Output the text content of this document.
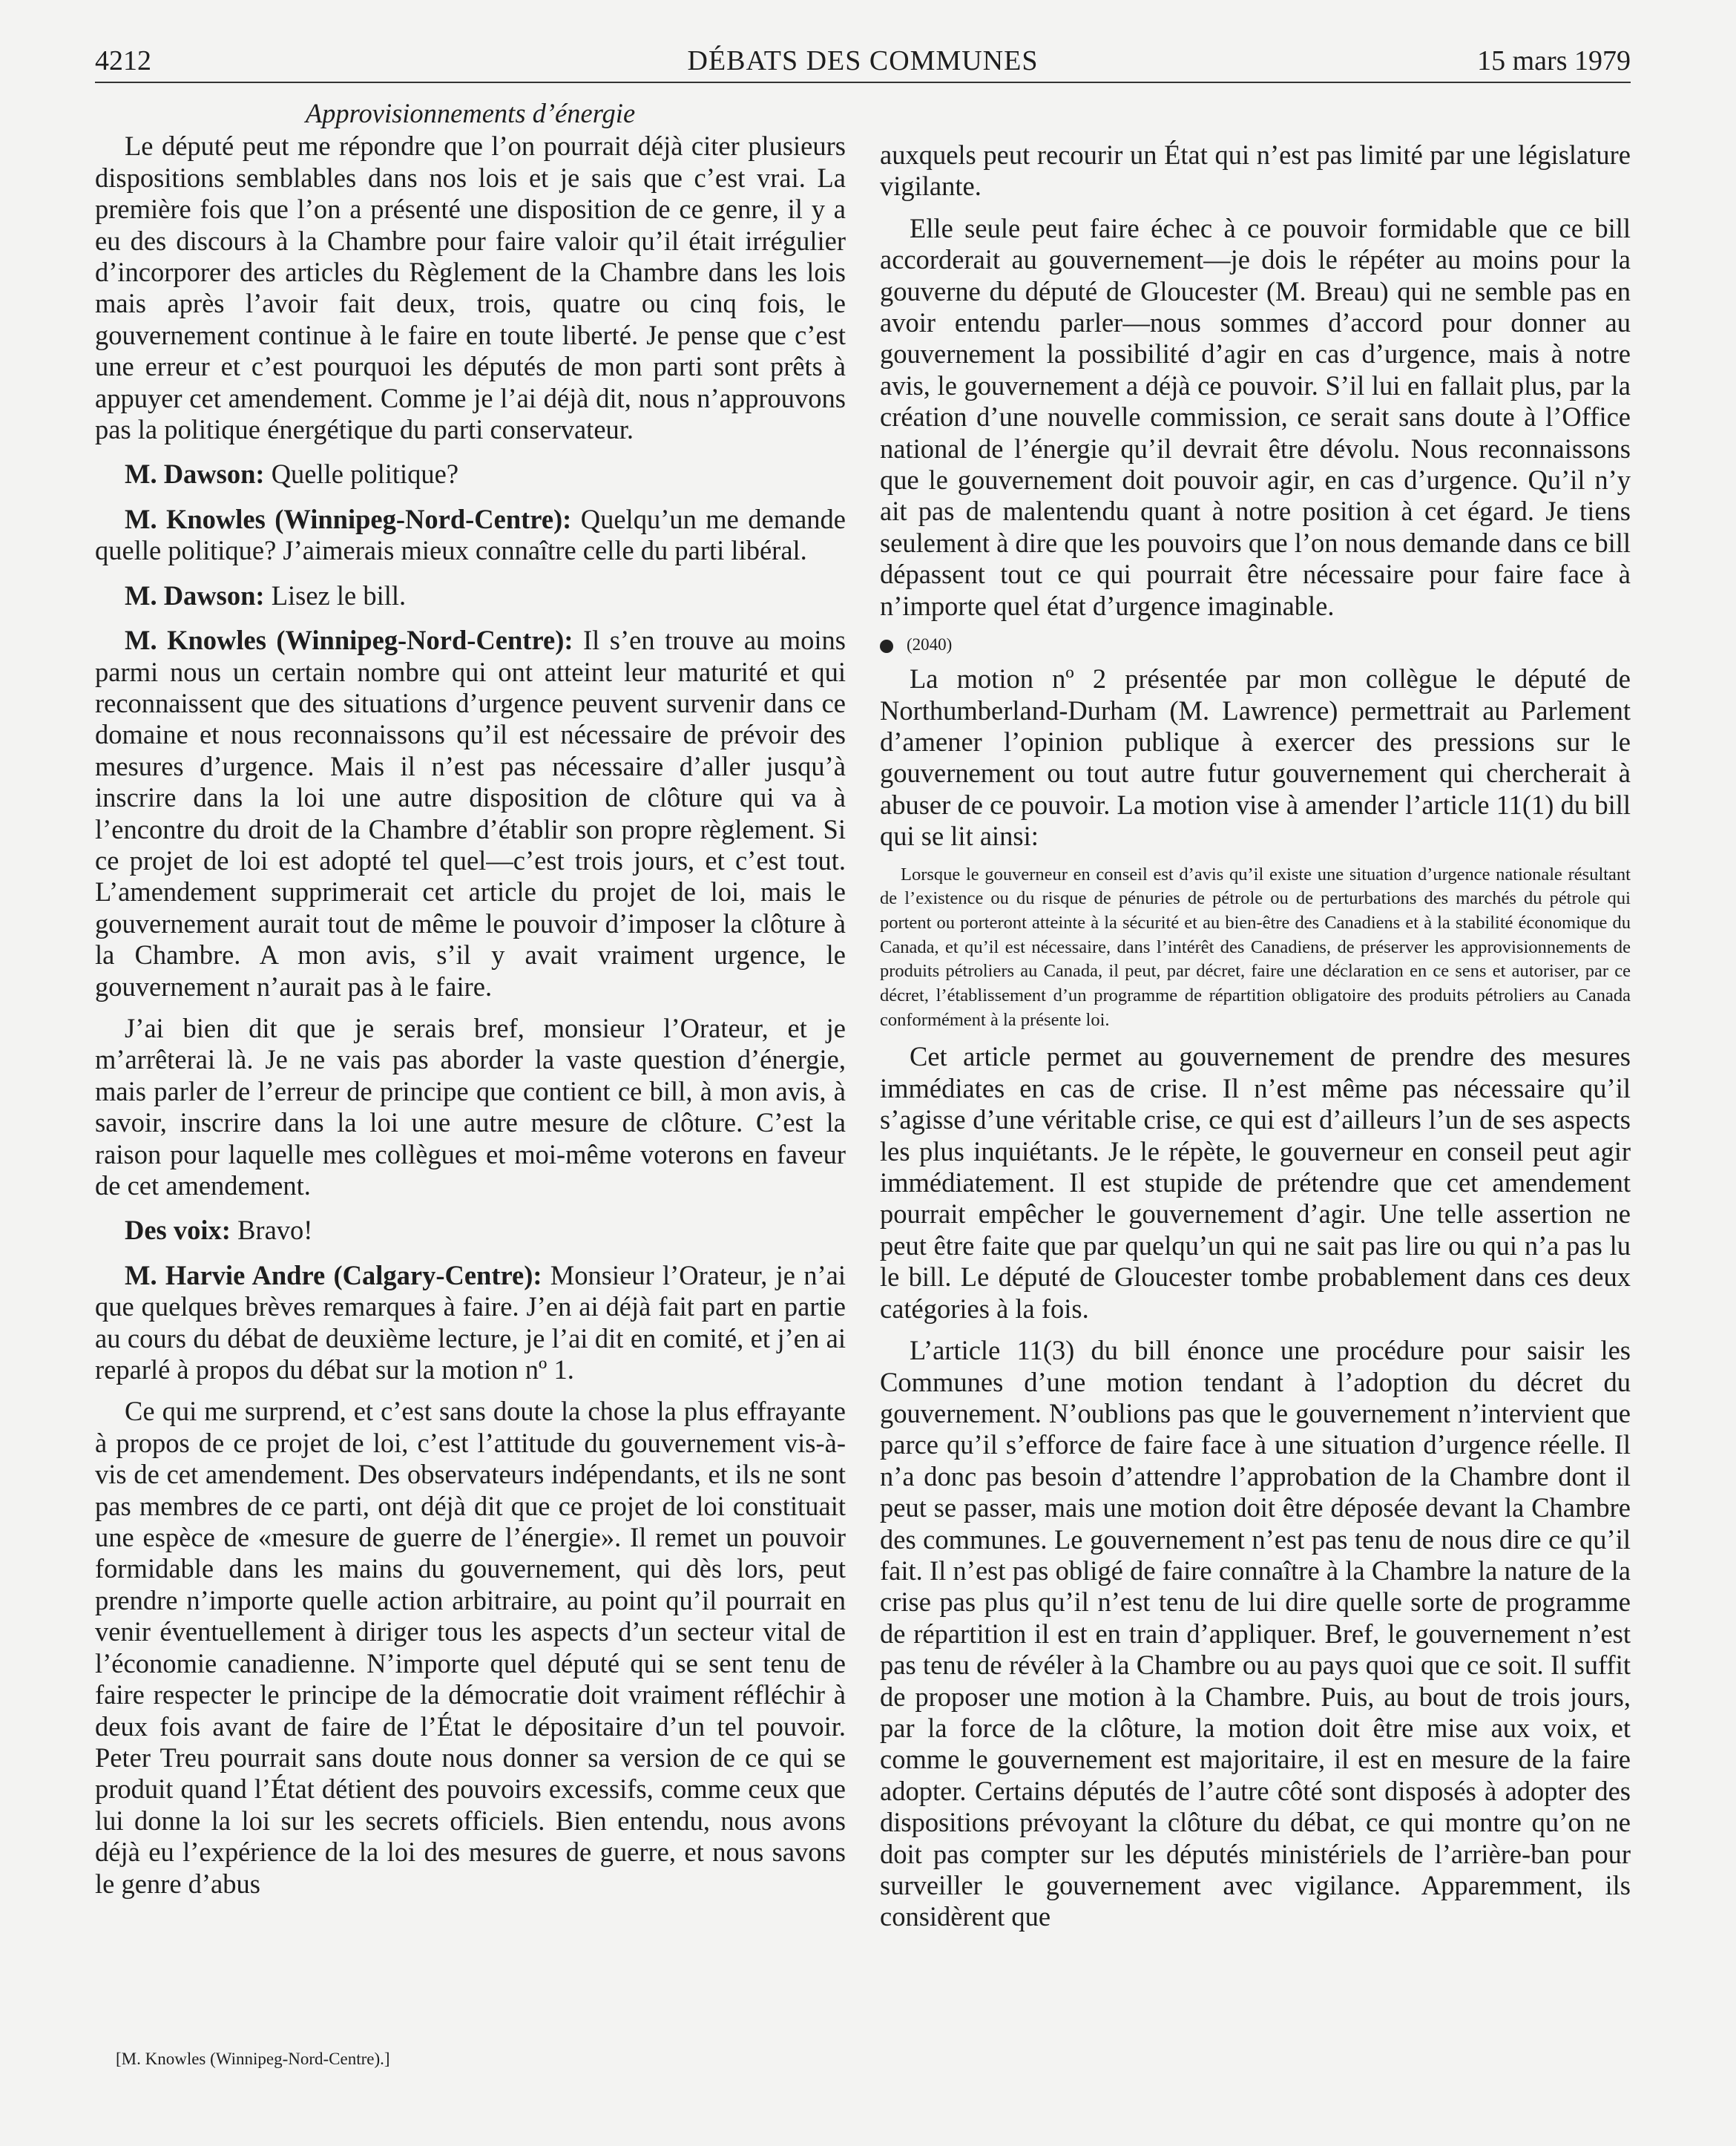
4212	DÉBATS DES COMMUNES	15 mars 1979

Approvisionnements d’énergie

Le député peut me répondre que l’on pourrait déjà citer plusieurs dispositions semblables dans nos lois et je sais que c’est vrai. La première fois que l’on a présenté une disposition de ce genre, il y a eu des discours à la Chambre pour faire valoir qu’il était irrégulier d’incorporer des articles du Règlement de la Chambre dans les lois mais après l’avoir fait deux, trois, quatre ou cinq fois, le gouvernement continue à le faire en toute liberté. Je pense que c’est une erreur et c’est pourquoi les députés de mon parti sont prêts à appuyer cet amendement. Comme je l’ai déjà dit, nous n’approuvons pas la politique énergétique du parti conservateur.

M. Dawson: Quelle politique?

M. Knowles (Winnipeg-Nord-Centre): Quelqu’un me demande quelle politique? J’aimerais mieux connaître celle du parti libéral.

M. Dawson: Lisez le bill.

M. Knowles (Winnipeg-Nord-Centre): Il s’en trouve au moins parmi nous un certain nombre qui ont atteint leur maturité et qui reconnaissent que des situations d’urgence peuvent survenir dans ce domaine et nous reconnaissons qu’il est nécessaire de prévoir des mesures d’urgence. Mais il n’est pas nécessaire d’aller jusqu’à inscrire dans la loi une autre disposition de clôture qui va à l’encontre du droit de la Chambre d’établir son propre règlement. Si ce projet de loi est adopté tel quel—c’est trois jours, et c’est tout. L’amendement supprimerait cet article du projet de loi, mais le gouvernement aurait tout de même le pouvoir d’imposer la clôture à la Chambre. A mon avis, s’il y avait vraiment urgence, le gouvernement n’aurait pas à le faire.

J’ai bien dit que je serais bref, monsieur l’Orateur, et je m’arrêterai là. Je ne vais pas aborder la vaste question d’énergie, mais parler de l’erreur de principe que contient ce bill, à mon avis, à savoir, inscrire dans la loi une autre mesure de clôture. C’est la raison pour laquelle mes collègues et moi-même voterons en faveur de cet amendement.

Des voix: Bravo!

M. Harvie Andre (Calgary-Centre): Monsieur l’Orateur, je n’ai que quelques brèves remarques à faire. J’en ai déjà fait part en partie au cours du débat de deuxième lecture, je l’ai dit en comité, et j’en ai reparlé à propos du débat sur la motion nº 1.

Ce qui me surprend, et c’est sans doute la chose la plus effrayante à propos de ce projet de loi, c’est l’attitude du gouvernement vis-à-vis de cet amendement. Des observateurs indépendants, et ils ne sont pas membres de ce parti, ont déjà dit que ce projet de loi constituait une espèce de «mesure de guerre de l’énergie». Il remet un pouvoir formidable dans les mains du gouvernement, qui dès lors, peut prendre n’importe quelle action arbitraire, au point qu’il pourrait en venir éventuellement à diriger tous les aspects d’un secteur vital de l’économie canadienne. N’importe quel député qui se sent tenu de faire respecter le principe de la démocratie doit vraiment réfléchir à deux fois avant de faire de l’État le dépositaire d’un tel pouvoir. Peter Treu pourrait sans doute nous donner sa version de ce qui se produit quand l’État détient des pouvoirs excessifs, comme ceux que lui donne la loi sur les secrets officiels. Bien entendu, nous avons déjà eu l’expérience de la loi des mesures de guerre, et nous savons le genre d’abus

[M. Knowles (Winnipeg-Nord-Centre).]

auxquels peut recourir un État qui n’est pas limité par une législature vigilante.

Elle seule peut faire échec à ce pouvoir formidable que ce bill accorderait au gouvernement—je dois le répéter au moins pour la gouverne du député de Gloucester (M. Breau) qui ne semble pas en avoir entendu parler—nous sommes d’accord pour donner au gouvernement la possibilité d’agir en cas d’urgence, mais à notre avis, le gouvernement a déjà ce pouvoir. S’il lui en fallait plus, par la création d’une nouvelle commission, ce serait sans doute à l’Office national de l’énergie qu’il devrait être dévolu. Nous reconnaissons que le gouvernement doit pouvoir agir, en cas d’urgence. Qu’il n’y ait pas de malentendu quant à notre position à cet égard. Je tiens seulement à dire que les pouvoirs que l’on nous demande dans ce bill dépassent tout ce qui pourrait être nécessaire pour faire face à n’importe quel état d’urgence imaginable.

(2040)

La motion nº 2 présentée par mon collègue le député de Northumberland-Durham (M. Lawrence) permettrait au Parlement d’amener l’opinion publique à exercer des pressions sur le gouvernement ou tout autre futur gouvernement qui chercherait à abuser de ce pouvoir. La motion vise à amender l’article 11(1) du bill qui se lit ainsi:

Lorsque le gouverneur en conseil est d’avis qu’il existe une situation d’urgence nationale résultant de l’existence ou du risque de pénuries de pétrole ou de perturbations des marchés du pétrole qui portent ou porteront atteinte à la sécurité et au bien-être des Canadiens et à la stabilité économique du Canada, et qu’il est nécessaire, dans l’intérêt des Canadiens, de préserver les approvisionnements de produits pétroliers au Canada, il peut, par décret, faire une déclaration en ce sens et autoriser, par ce décret, l’établissement d’un programme de répartition obligatoire des produits pétroliers au Canada conformément à la présente loi.

Cet article permet au gouvernement de prendre des mesures immédiates en cas de crise. Il n’est même pas nécessaire qu’il s’agisse d’une véritable crise, ce qui est d’ailleurs l’un de ses aspects les plus inquiétants. Je le répète, le gouverneur en conseil peut agir immédiatement. Il est stupide de prétendre que cet amendement pourrait empêcher le gouvernement d’agir. Une telle assertion ne peut être faite que par quelqu’un qui ne sait pas lire ou qui n’a pas lu le bill. Le député de Gloucester tombe probablement dans ces deux catégories à la fois.

L’article 11(3) du bill énonce une procédure pour saisir les Communes d’une motion tendant à l’adoption du décret du gouvernement. N’oublions pas que le gouvernement n’intervient que parce qu’il s’efforce de faire face à une situation d’urgence réelle. Il n’a donc pas besoin d’attendre l’approbation de la Chambre dont il peut se passer, mais une motion doit être déposée devant la Chambre des communes. Le gouvernement n’est pas tenu de nous dire ce qu’il fait. Il n’est pas obligé de faire connaître à la Chambre la nature de la crise pas plus qu’il n’est tenu de lui dire quelle sorte de programme de répartition il est en train d’appliquer. Bref, le gouvernement n’est pas tenu de révéler à la Chambre ou au pays quoi que ce soit. Il suffit de proposer une motion à la Chambre. Puis, au bout de trois jours, par la force de la clôture, la motion doit être mise aux voix, et comme le gouvernement est majoritaire, il est en mesure de la faire adopter. Certains députés de l’autre côté sont disposés à adopter des dispositions prévoyant la clôture du débat, ce qui montre qu’on ne doit pas compter sur les députés ministériels de l’arrière-ban pour surveiller le gouvernement avec vigilance. Apparemment, ils considèrent que
